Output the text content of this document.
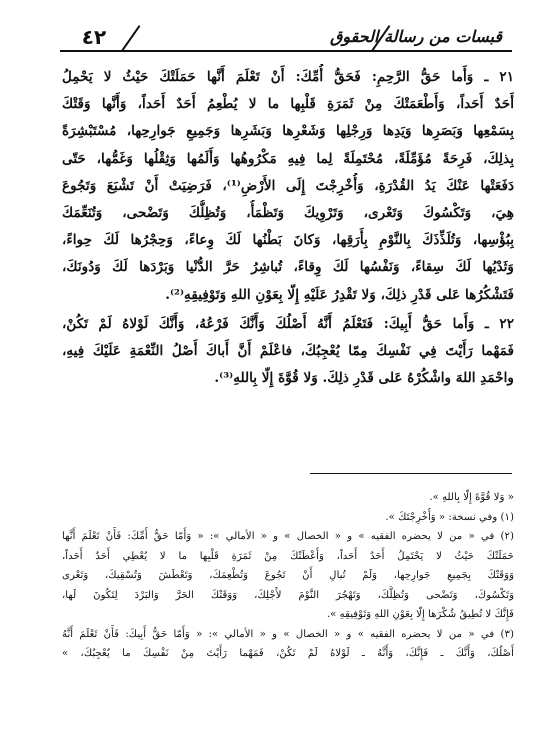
٤٢	قبسات من رسالة الحقوق

٢١ ـ وَأَما حَقُّ الرَّحِمِ: فَحَقُّ أُمِّكَ: أَنْ تَعْلَمَ أَنَّها حَمَلَتْكَ حَيْثُ لا يَحْمِلُ
أَحَدٌ أَحَداً، وَأَطْعَمَتْكَ مِنْ ثَمَرَةِ قَلْبِها ما لا يُطْعِمُ أَحَدٌ أَحَداً، وَأَنَّها وَقَتْكَ
بِسَمْعِها وَبَصَرِها وَيَدِها وَرِجْلِها وَشَعْرِها وَبَشَرِها وَجَمِيعِ جَوارِحِها، مُسْتَبْشِرَةً
بِذلِكَ، فَرِحَةً مُؤَمِّلَةً، مُحْتَمِلَةً لِما فِيهِ مَكْرُوهُها وَأَلَمُها وَثِقْلُها وَغَمُّها، حَتّى
دَفَعَتْها عَنْكَ يَدُ القُدْرَةِ، وَأُخْرِجْتَ إِلَى الأَرْضِ⁽¹⁾، فَرَضِيَتْ أَنْ تَشْبَعَ وَتَجُوعَ
هِيَ، وَتَكْسُوكَ وَتَعْرى، وَتَرْوِيكَ وَتَظْمَأُ، وَتُظِلُّكَ وَتَضْحى، وَتُنَعِّمَكَ
بِبُؤْسِها، وَتُلَذِّذَكَ بِالنَّوْمِ بِأَرَقِها، وَكانَ بَطْنُها لَكَ وِعاءً، وَحِجْرُها لَكَ حِواءً،
وَثَدْيُها لَكَ سِقاءً، وَنَفْسُها لَكَ وِقاءً، تُباشِرُ حَرَّ الدُّنْيا وَبَرْدَها لَكَ وَدُونَكَ،
فَتَشْكُرُها عَلى قَدْرِ ذلِكَ، وَلا تَقْدِرُ عَلَيْهِ إِلّا بِعَوْنِ اللهِ وَتَوْفِيقِهِ⁽²⁾.

٢٢ ـ وَأَما حَقُّ أَبِيكَ: فَتَعْلَمُ أَنَّهُ أَصْلُكَ وَأَنَّكَ فَرْعُهُ، وَأَنَّكَ لَوْلاهُ لَمْ تَكُنْ،
فَمَهْما رَأَيْتَ فِي نَفْسِكَ مِمّا يُعْجِبُكَ، فاعْلَمْ أَنَّ أَباكَ أَصْلُ النِّعْمَةِ عَلَيْكَ فِيهِ،
واحْمَدِ اللهَ واشْكُرْهُ عَلى قَدْرِ ذلِكَ. وَلا قُوَّةَ إِلّا بِاللهِ⁽³⁾.

« وَلا قُوَّةَ إِلّا بِاللهِ ».
(١) وفي نسخة: « وَأُخْرِجْتَكَ ».
(٢) في « من لا يحضره الفقيه » و « الخصال » و « الأمالي »: « وَأَمّا حَقُّ أُمِّكَ: فَأَنْ تَعْلَمَ أَنَّها
حَمَلَتْكَ حَيْثُ لا يَحْتَمِلُ أَحَدٌ أَحَداً، وَأَعْطَتْكَ مِنْ ثَمَرَةِ قَلْبِها ما لا يُعْطِي أَحَدٌ أَحَداً،
وَوَقَتْكَ بِجَمِيعِ جَوارِحِها، وَلَمْ تُبالِ أَنْ تَجُوعَ وَتُطْعِمَكَ، وَتَعْطَشَ وَتُسْقِيكَ، وَتَعْرى
وَتَكْسُوكَ، وَتَضْحى وَتُظِلُّكَ، وَتَهْجُرَ النَّوْمَ لأَجْلِكَ، وَوَقَتْكَ الحَرَّ وَالبَرْدَ لِتَكُونَ لَها،
فَإِنَّكَ لا تُطِيقُ شُكْرَها إِلّا بِعَوْنِ اللهِ وَتَوْفِيقِهِ ».
(٣) في « من لا يحضره الفقيه » و « الخصال » و « الأمالي »: « وَأَمّا حَقُّ أَبِيكَ: فَأَنْ تَعْلَمَ أَنَّهُ
أَصْلُكَ، وَأَنَّكَ ـ فَإِنَّكَ، وَأَنَّهُ ـ لَوْلاهُ لَمْ تَكُنْ، فَمَهْما رَأَيْتَ مِنْ نَفْسِكَ ما يُعْجِبُكَ، »
